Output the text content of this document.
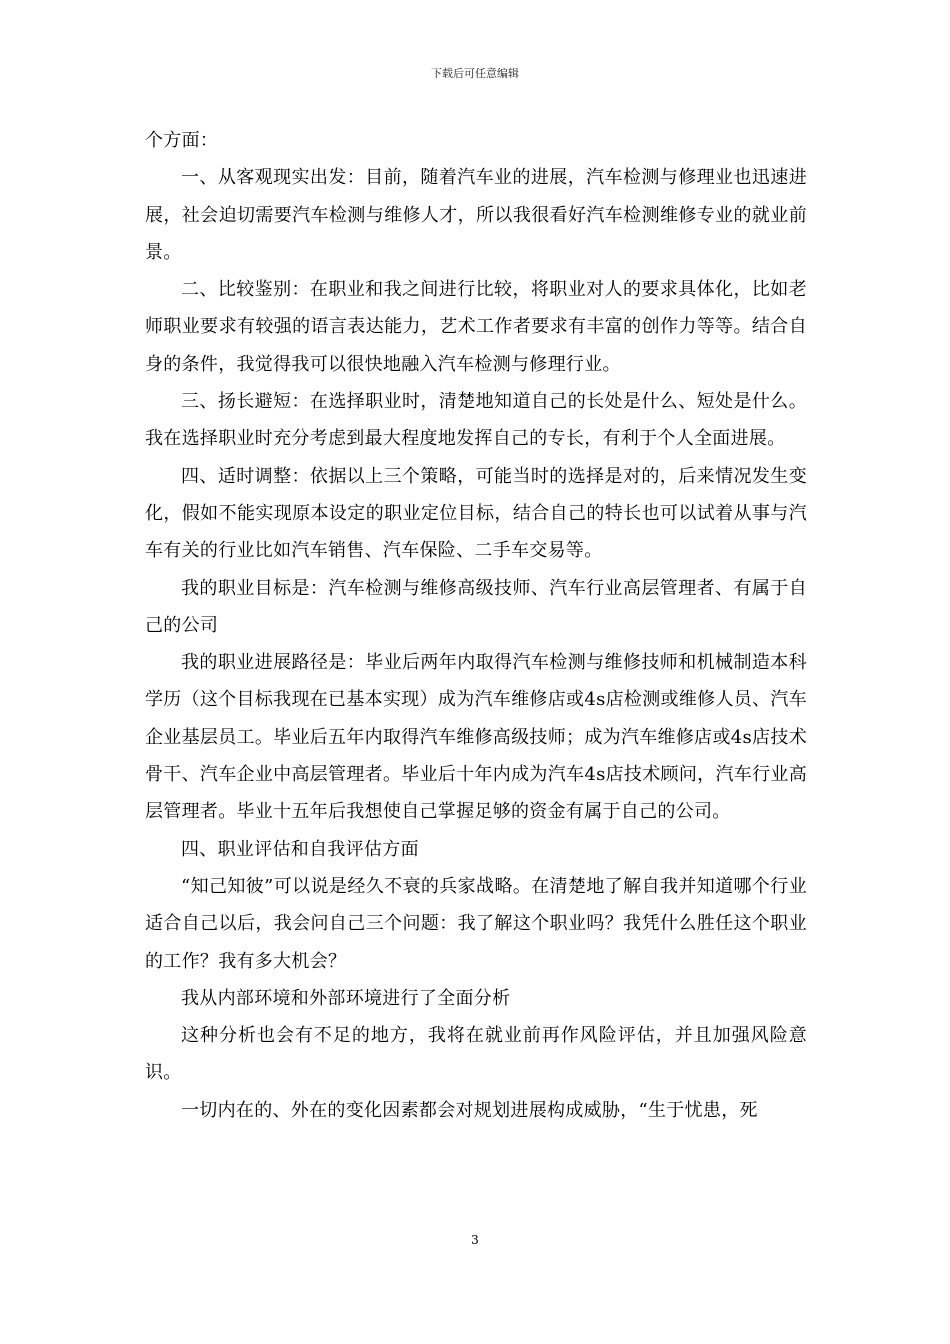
下载后可任意编辑

个方面：

一、从客观现实出发：目前，随着汽车业的进展，汽车检测与修理业也迅速进展，社会迫切需要汽车检测与维修人才，所以我很看好汽车检测维修专业的就业前景。

二、比较鉴别：在职业和我之间进行比较，将职业对人的要求具体化，比如老师职业要求有较强的语言表达能力，艺术工作者要求有丰富的创作力等等。结合自身的条件，我觉得我可以很快地融入汽车检测与修理行业。

三、扬长避短：在选择职业时，清楚地知道自己的长处是什么、短处是什么。我在选择职业时充分考虑到最大程度地发挥自己的专长，有利于个人全面进展。

四、适时调整：依据以上三个策略，可能当时的选择是对的，后来情况发生变化，假如不能实现原本设定的职业定位目标，结合自己的特长也可以试着从事与汽车有关的行业比如汽车销售、汽车保险、二手车交易等。

我的职业目标是：汽车检测与维修高级技师、汽车行业高层管理者、有属于自己的公司

我的职业进展路径是：毕业后两年内取得汽车检测与维修技师和机械制造本科学历（这个目标我现在已基本实现）成为汽车维修店或4s店检测或维修人员、汽车企业基层员工。毕业后五年内取得汽车维修高级技师；成为汽车维修店或4s店技术骨干、汽车企业中高层管理者。毕业后十年内成为汽车4s店技术顾问，汽车行业高层管理者。毕业十五年后我想使自己掌握足够的资金有属于自己的公司。

四、职业评估和自我评估方面

“知己知彼”可以说是经久不衰的兵家战略。在清楚地了解自我并知道哪个行业适合自己以后，我会问自己三个问题：我了解这个职业吗？我凭什么胜任这个职业的工作？我有多大机会？

我从内部环境和外部环境进行了全面分析

这种分析也会有不足的地方，我将在就业前再作风险评估，并且加强风险意识。

一切内在的、外在的变化因素都会对规划进展构成威胁，“生于忧患，死

3
